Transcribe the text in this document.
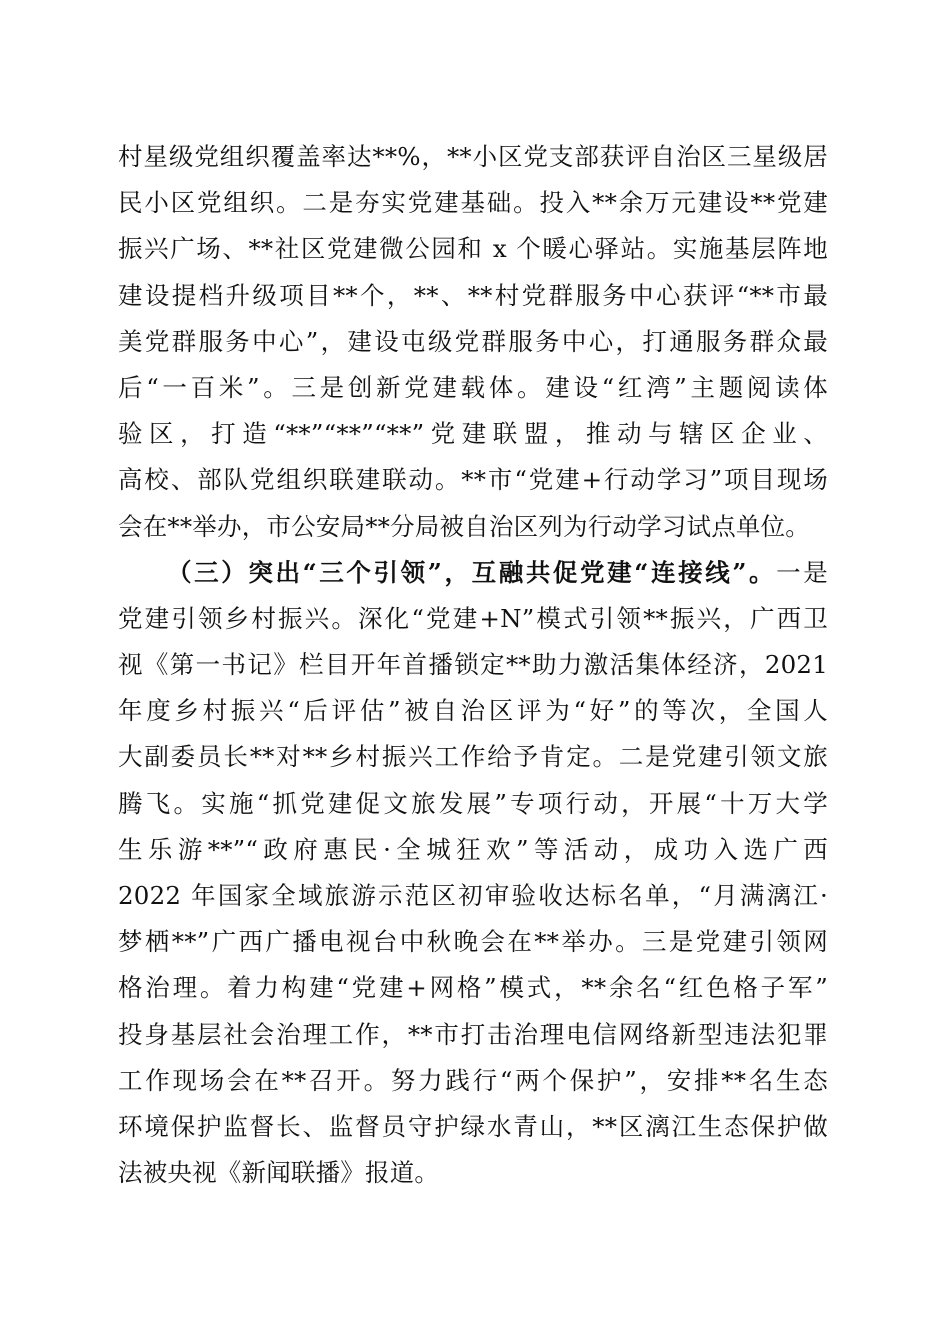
村星级党组织覆盖率达**%，**小区党支部获评自治区三星级居
民小区党组织。二是夯实党建基础。投入**余万元建设**党建
振兴广场、**社区党建微公园和 x 个暖心驿站。实施基层阵地
建设提档升级项目**个，**、**村党群服务中心获评“**市最
美党群服务中心”，建设屯级党群服务中心，打通服务群众最
后“一百米”。三是创新党建载体。建设“红湾”主题阅读体
验区，打造“**”“**”“**”党建联盟，推动与辖区企业、
高校、部队党组织联建联动。**市“党建+行动学习”项目现场
会在**举办，市公安局**分局被自治区列为行动学习试点单位。
（三）突出“三个引领”，互融共促党建“连接线”。一是
党建引领乡村振兴。深化“党建+N”模式引领**振兴，广西卫
视《第一书记》栏目开年首播锁定**助力激活集体经济，2021
年度乡村振兴“后评估”被自治区评为“好”的等次，全国人
大副委员长**对**乡村振兴工作给予肯定。二是党建引领文旅
腾飞。实施“抓党建促文旅发展”专项行动，开展“十万大学
生乐游**”“政府惠民·全城狂欢”等活动，成功入选广西
2022 年国家全域旅游示范区初审验收达标名单，“月满漓江·
梦栖**”广西广播电视台中秋晚会在**举办。三是党建引领网
格治理。着力构建“党建+网格”模式，**余名“红色格子军”
投身基层社会治理工作，**市打击治理电信网络新型违法犯罪
工作现场会在**召开。努力践行“两个保护”，安排**名生态
环境保护监督长、监督员守护绿水青山，**区漓江生态保护做
法被央视《新闻联播》报道。
